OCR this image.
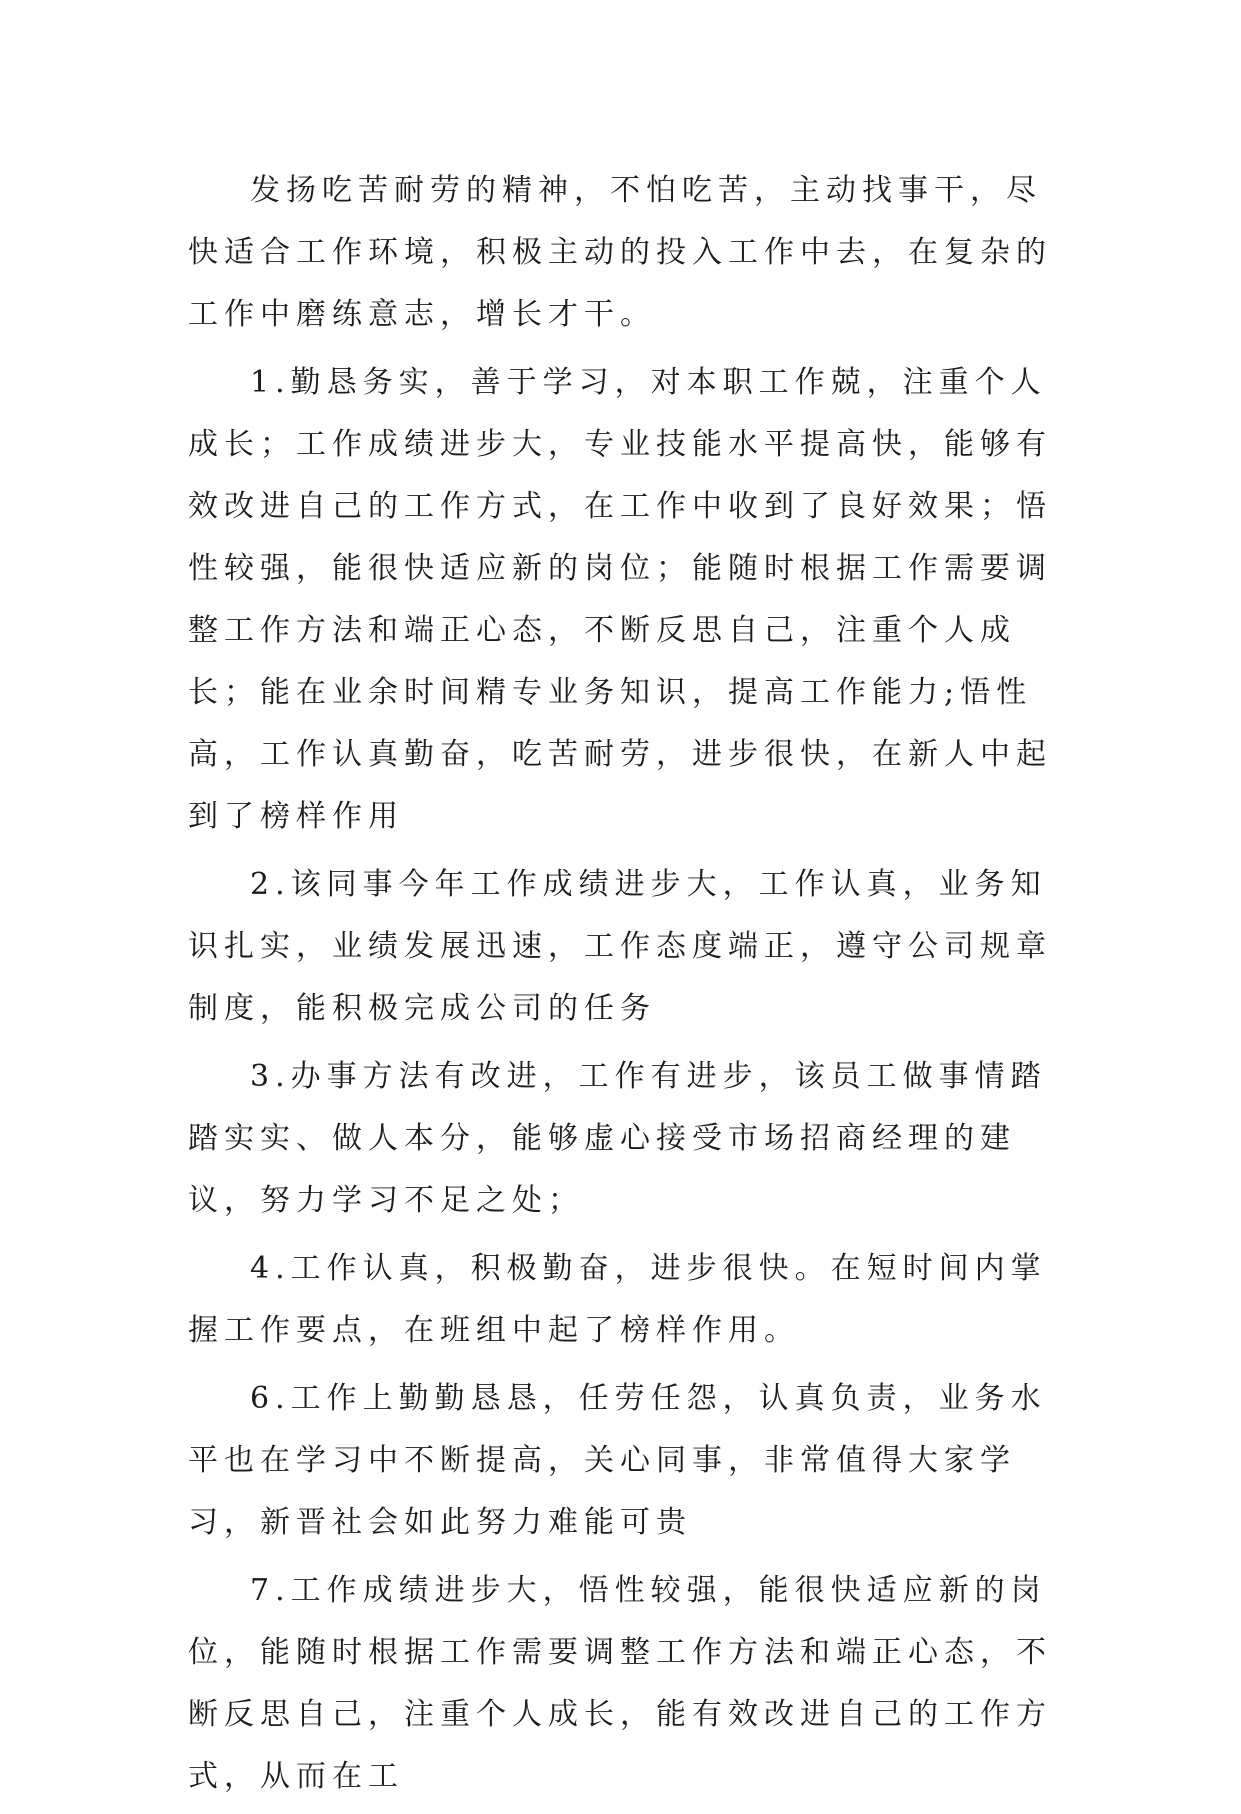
发扬吃苦耐劳的精神，不怕吃苦，主动找事干，尽快适合工作环境，积极主动的投入工作中去，在复杂的工作中磨练意志，增长才干。

1.勤恳务实，善于学习，对本职工作兢，注重个人成长；工作成绩进步大，专业技能水平提高快，能够有效改进自己的工作方式，在工作中收到了良好效果；悟性较强，能很快适应新的岗位；能随时根据工作需要调整工作方法和端正心态，不断反思自己，注重个人成长；能在业余时间精专业务知识，提高工作能力;悟性高，工作认真勤奋，吃苦耐劳，进步很快，在新人中起到了榜样作用

2.该同事今年工作成绩进步大，工作认真，业务知识扎实，业绩发展迅速，工作态度端正，遵守公司规章制度，能积极完成公司的任务

3.办事方法有改进，工作有进步，该员工做事情踏踏实实、做人本分，能够虚心接受市场招商经理的建议，努力学习不足之处；

4.工作认真，积极勤奋，进步很快。在短时间内掌握工作要点，在班组中起了榜样作用。

6.工作上勤勤恳恳，任劳任怨，认真负责，业务水平也在学习中不断提高，关心同事，非常值得大家学习，新晋社会如此努力难能可贵

7.工作成绩进步大，悟性较强，能很快适应新的岗位，能随时根据工作需要调整工作方法和端正心态，不断反思自己，注重个人成长，能有效改进自己的工作方式，从而在工
